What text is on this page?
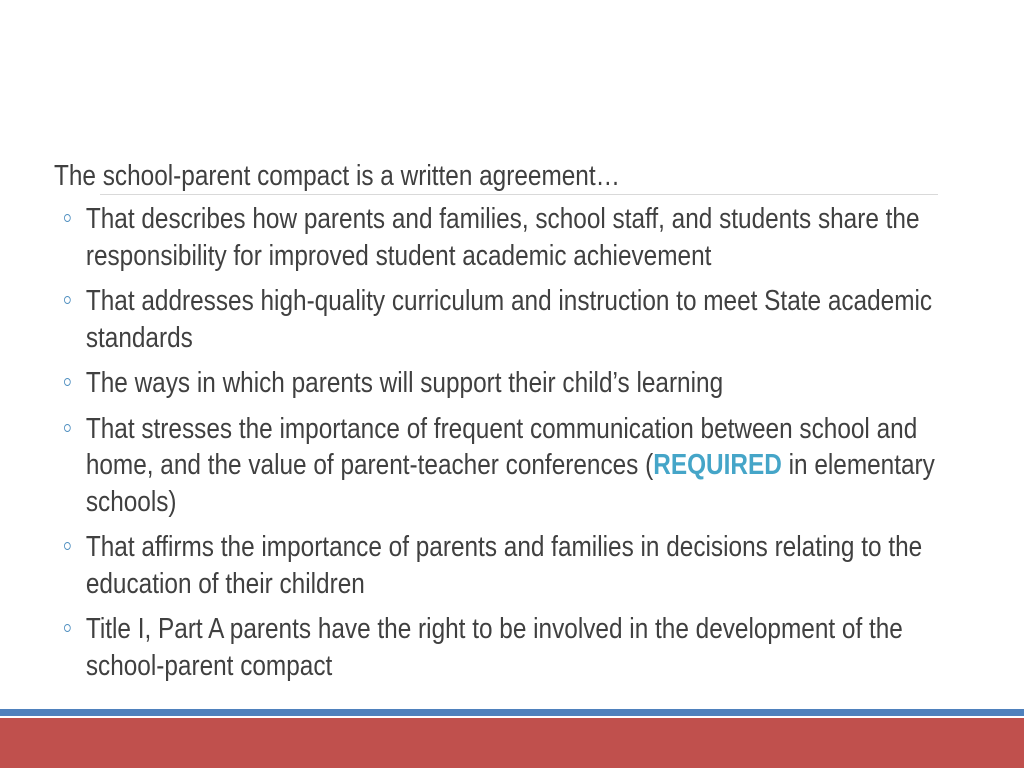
The school-parent compact is a written agreement…
That describes how parents and families, school staff, and students share the responsibility for improved student academic achievement
That addresses high-quality curriculum and instruction to meet State academic standards
The ways in which parents will support their child’s learning
That stresses the importance of frequent communication between school and home, and the value of parent-teacher conferences (REQUIRED in elementary schools)
That affirms the importance of parents and families in decisions relating to the education of their children
Title I, Part A parents have the right to be involved in the development of the school-parent compact
